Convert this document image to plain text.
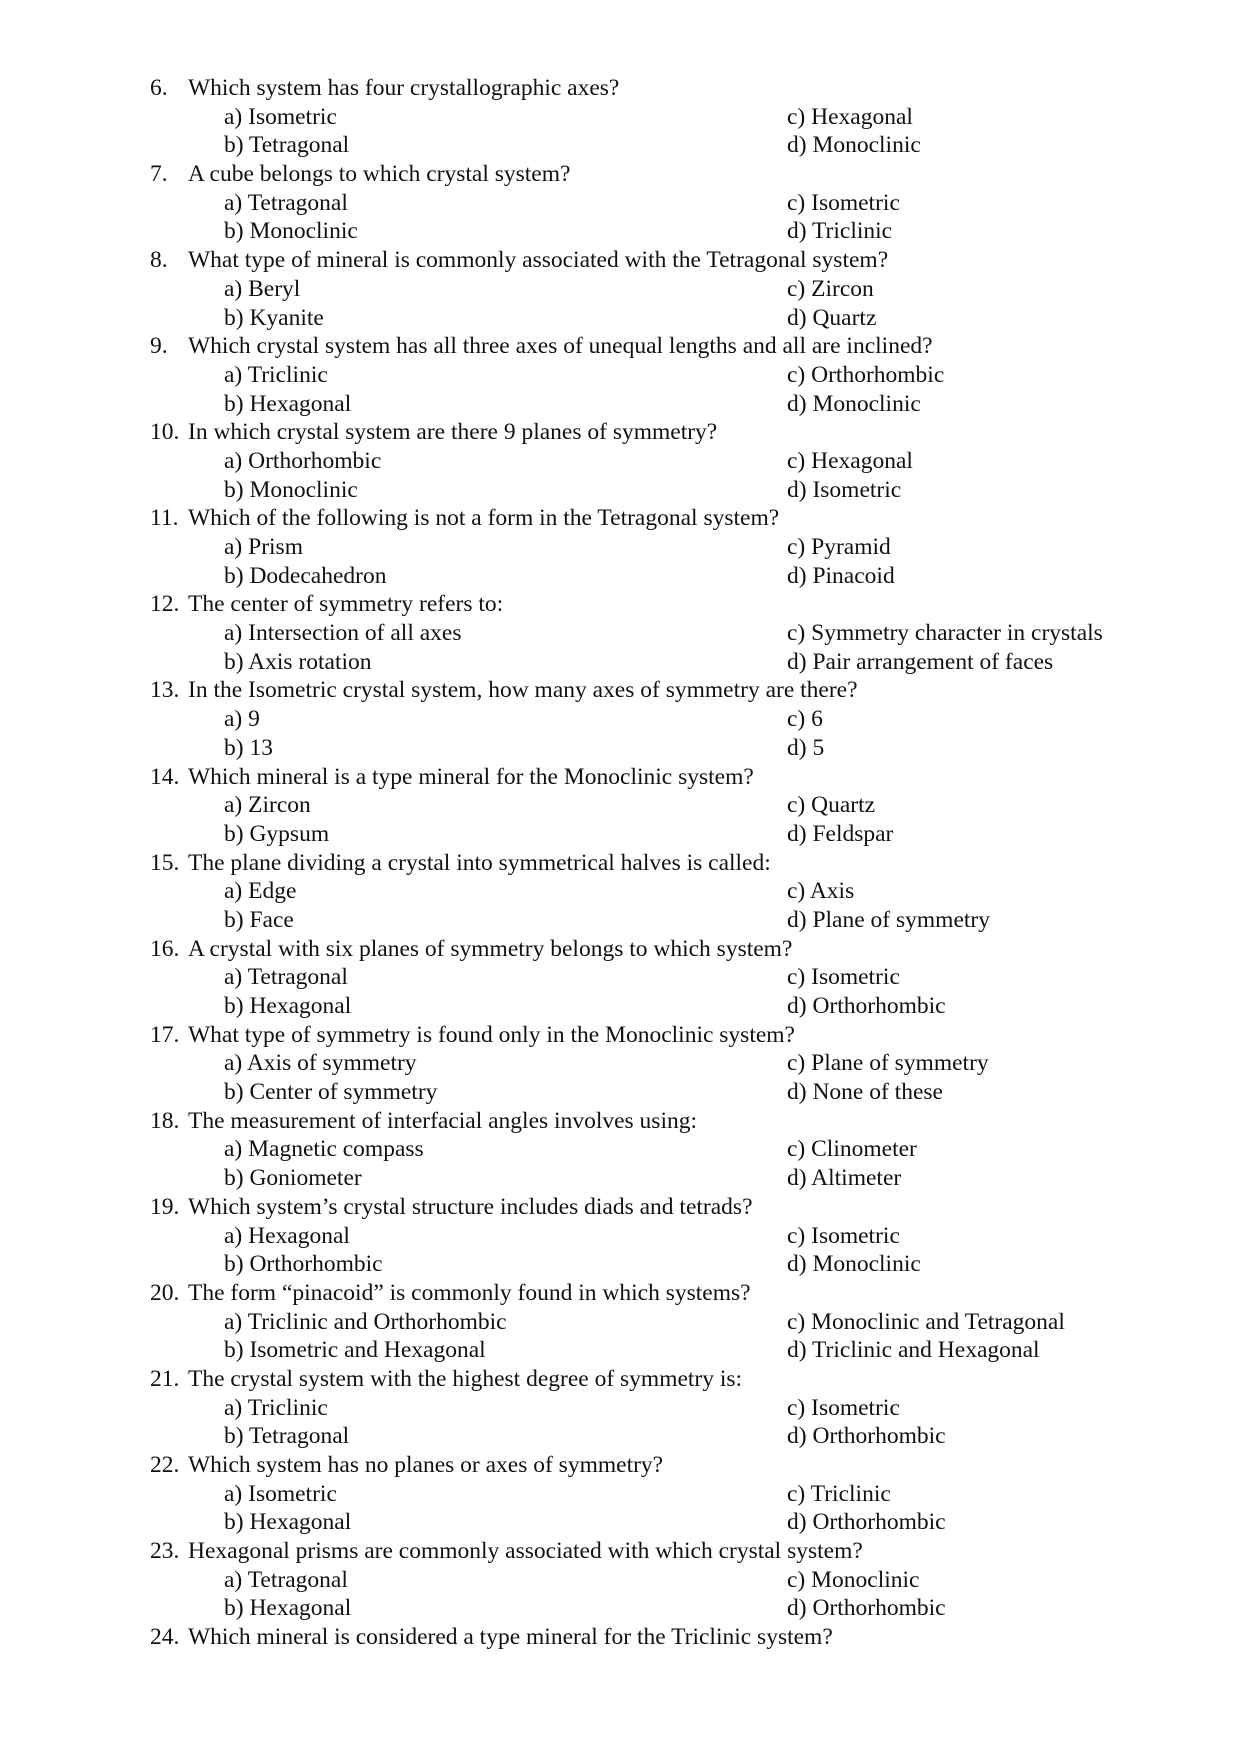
6. Which system has four crystallographic axes?
a) Isometric	c) Hexagonal
b) Tetragonal	d) Monoclinic
7. A cube belongs to which crystal system?
a) Tetragonal	c) Isometric
b) Monoclinic	d) Triclinic
8. What type of mineral is commonly associated with the Tetragonal system?
a) Beryl	c) Zircon
b) Kyanite	d) Quartz
9. Which crystal system has all three axes of unequal lengths and all are inclined?
a) Triclinic	c) Orthorhombic
b) Hexagonal	d) Monoclinic
10. In which crystal system are there 9 planes of symmetry?
a) Orthorhombic	c) Hexagonal
b) Monoclinic	d) Isometric
11. Which of the following is not a form in the Tetragonal system?
a) Prism	c) Pyramid
b) Dodecahedron	d) Pinacoid
12. The center of symmetry refers to:
a) Intersection of all axes	c) Symmetry character in crystals
b) Axis rotation	d) Pair arrangement of faces
13. In the Isometric crystal system, how many axes of symmetry are there?
a) 9	c) 6
b) 13	d) 5
14. Which mineral is a type mineral for the Monoclinic system?
a) Zircon	c) Quartz
b) Gypsum	d) Feldspar
15. The plane dividing a crystal into symmetrical halves is called:
a) Edge	c) Axis
b) Face	d) Plane of symmetry
16. A crystal with six planes of symmetry belongs to which system?
a) Tetragonal	c) Isometric
b) Hexagonal	d) Orthorhombic
17. What type of symmetry is found only in the Monoclinic system?
a) Axis of symmetry	c) Plane of symmetry
b) Center of symmetry	d) None of these
18. The measurement of interfacial angles involves using:
a) Magnetic compass	c) Clinometer
b) Goniometer	d) Altimeter
19. Which system’s crystal structure includes diads and tetrads?
a) Hexagonal	c) Isometric
b) Orthorhombic	d) Monoclinic
20. The form “pinacoid” is commonly found in which systems?
a) Triclinic and Orthorhombic	c) Monoclinic and Tetragonal
b) Isometric and Hexagonal	d) Triclinic and Hexagonal
21. The crystal system with the highest degree of symmetry is:
a) Triclinic	c) Isometric
b) Tetragonal	d) Orthorhombic
22. Which system has no planes or axes of symmetry?
a) Isometric	c) Triclinic
b) Hexagonal	d) Orthorhombic
23. Hexagonal prisms are commonly associated with which crystal system?
a) Tetragonal	c) Monoclinic
b) Hexagonal	d) Orthorhombic
24. Which mineral is considered a type mineral for the Triclinic system?
